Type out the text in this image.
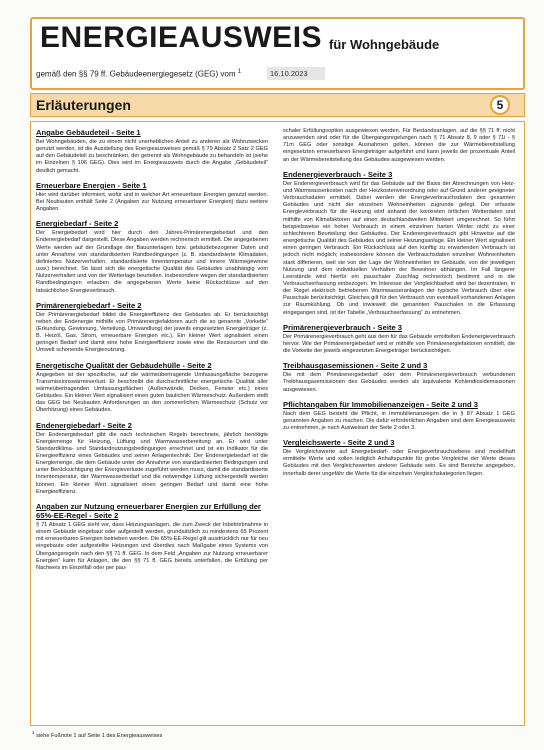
ENERGIEAUSWEIS für Wohngebäude
gemäß den §§ 79 ff. Gebäudeenergiegesetz (GEG) vom $^1$	16.10.2023
Erläuterungen	5
Angabe Gebäudeteil - Seite 1

Bei Wohngebäuden, die zu einem nicht unerheblichen Anteil zu anderen als Wohnzwecken genutzt werden, ist die Ausstellung des Energieausweises gemäß § 79 Absatz 2 Satz 2 GEG auf den Gebäudeteil zu beschränken, der getrennt als Wohngebäude zu behandeln ist (siehe im Einzelnen § 106 GEG). Dies wird im Energieausweis durch die Angabe „Gebäudeteil“ deutlich gemacht.

Erneuerbare Energien - Seite 1

Hier wird darüber informiert, wofür und in welcher Art erneuerbare Energien genutzt werden. Bei Neubauten enthält Seite 2 (Angaben zur Nutzung erneuerbarer Energien) dazu weitere Angaben.

Energiebedarf - Seite 2

Der Energiebedarf wird hier durch den Jahres-Primärenergiebedarf und den Endenergiebedarf dargestellt. Diese Angaben werden rechnerisch ermittelt. Die angegebenen Werte werden auf der Grundlage der Bauunterlagen bzw. gebäudebezogener Daten und unter Annahme von standardisierten Randbedingungen (z. B. standardisierte Klimadaten, definiertes Nutzerverhalten, standardisierte Innentemperatur und innere Wärmegewinne usw.) berechnet. So lässt sich die energetische Qualität des Gebäudes unabhängig vom Nutzerverhalten und von der Wetterlage beurteilen. Insbesondere wegen der standardisierten Randbedingungen erlauben die angegebenen Werte keine Rückschlüsse auf den tatsächlichen Energieverbrauch.

Primärenergiebedarf - Seite 2

Der Primärenergiebedarf bildet die Energieeffizienz des Gebäudes ab. Er berücksichtigt neben der Endenergie mithilfe von Primärenergiefaktoren auch die so genannte „Vorkette“ (Erkundung, Gewinnung, Verteilung, Umwandlung) der jeweils eingesetzten Energieträger (z. B. Heizöl, Gas, Strom, erneuerbare Energien etc.). Ein kleiner Wert signalisiert einen geringen Bedarf und damit eine hohe Energieeffizienz sowie eine die Ressourcen und die Umwelt schonende Energienutzung.

Energetische Qualität der Gebäudehülle - Seite 2

Angegeben ist der spezifische, auf die wärmeübertragende Umfassungsfläche bezogene Transmissionswärmeverlust. Er beschreibt die durchschnittliche energetische Qualität aller wärmeübertragenden Umfassungsflächen (Außenwände, Decken, Fenster etc.) eines Gebäudes. Ein kleiner Wert signalisiert einen guten baulichen Wärmeschutz. Außerdem stellt das GEG bei Neubauten Anforderungen an den sommerlichen Wärmeschutz (Schutz vor Überhitzung) eines Gebäudes.

Endenergiebedarf - Seite 2

Der Endenergiebedarf gibt die nach technischen Regeln berechnete, jährlich benötigte Energiemenge für Heizung, Lüftung und Warmwasserbereitung an. Er wird unter Standardklima- und Standardnutzungsbedingungen errechnet und ist ein Indikator für die Energieeffizienz eines Gebäudes und seiner Anlagentechnik. Der Endenergiebedarf ist die Energiemenge, die dem Gebäude unter der Annahme von standardisierten Bedingungen und unter Berücksichtigung der Energieverluste zugeführt werden muss, damit die standardisierte Innentemperatur, der Warmwasserbedarf und die notwendige Lüftung sichergestellt werden können. Ein kleiner Wert signalisiert einen geringen Bedarf und damit eine hohe Energieeffizienz.

Angaben zur Nutzung erneuerbarer Energien zur Erfüllung der 65%-EE-Regel - Seite 2

§ 71 Absatz 1 GEG sieht vor, dass Heizungsanlagen, die zum Zweck der Inbetriebnahme in einem Gebäude eingebaut oder aufgestellt werden, grundsätzlich zu mindestens 65 Prozent mit erneuerbaren Energien betrieben werden. Die 65%-EE-Regel gilt ausdrücklich nur für neu eingebaute oder aufgestellte Heizungen und überdies nach Maßgabe eines Systems von Übergangsregeln nach den §§ 71 ff. GEG. In dem Feld „Angaben zur Nutzung erneuerbarer Energien“ kann für Anlagen, die den §§ 71 ff. GEG bereits unterfallen, die Erfüllung per Nachweis im Einzelfall oder per pau-

schaler Erfüllungsoption ausgewiesen werden. Für Bestandsanlagen, auf die §§ 71 ff. nicht anzuwenden sind oder für die Übergangsregelungen nach § 71 Absatz 8, 9 oder § 71i - § 71m GEG oder sonstige Ausnahmen gelten, können die zur Wärmebereitstellung eingesetzten erneuerbaren Energieträger aufgeführt und kann jeweils der prozentuale Anteil an der Wärmebereitstellung des Gebäudes ausgewiesen werden.

Endenergieverbrauch - Seite 3

Der Endenergieverbrauch wird für das Gebäude auf der Basis der Abrechnungen von Heiz- und Warmwasserkosten nach der Heizkostenverordnung oder auf Grund anderer geeigneter Verbrauchsdaten ermittelt. Dabei werden die Energieverbrauchsdaten des gesamten Gebäudes und nicht der einzelnen Wohneinheiten zugrunde gelegt. Der erfasste Energieverbrauch für die Heizung wird anhand der konkreten örtlichen Wetterdaten und mithilfe von Klimafaktoren auf einen deutschlandweiten Mittelwert umgerechnet. So führt beispielsweise ein hoher Verbrauch in einem einzelnen harten Winter nicht zu einer schlechteren Beurteilung des Gebäudes. Der Endenergieverbrauch gibt Hinweise auf die energetische Qualität des Gebäudes und seiner Heizungsanlage. Ein kleiner Wert signalisiert einen geringen Verbrauch. Ein Rückschluss auf den künftig zu erwartenden Verbrauch ist jedoch nicht möglich; insbesondere können die Verbrauchsdaten einzelner Wohneinheiten stark differieren, weil sie von der Lage der Wohneinheiten im Gebäude, von der jeweiligen Nutzung und dem individuellen Verhalten der Bewohner abhängen. Im Fall längerer Leerstände wird hierfür ein pauschaler Zuschlag rechnerisch bestimmt und in die Verbrauchserfassung einbezogen. Im Interesse der Vergleichbarkeit wird bei dezentralen, in der Regel elektrisch betriebenen Warmwasseranlagen der typische Verbrauch über eine Pauschale berücksichtigt. Gleiches gilt für den Verbrauch von eventuell vorhandenen Anlagen zur Raumkühlung. Ob und inwieweit die genannten Pauschalen in die Erfassung eingegangen sind, ist der Tabelle „Verbrauchserfassung“ zu entnehmen.

Primärenergieverbrauch - Seite 3

Der Primärenergieverbrauch geht aus dem für das Gebäude ermittelten Endenergieverbrauch hervor. Wie der Primärenergiebedarf wird er mithilfe von Primärenergiefaktoren ermittelt, die die Vorkette der jeweils eingesetzten Energieträger berücksichtigen.

Treibhausgasemissionen - Seite 2 und 3

Die mit dem Primärenergiebedarf oder dem Primärenergieverbrauch verbundenen Treibhausgasemissionen des Gebäudes werden als äquivalente Kohlendioxidemissionen ausgewiesen.

Pflichtangaben für Immobilienanzeigen - Seite 2 und 3

Nach dem GEG besteht die Pflicht, in Immobilienanzeigen die in § 87 Absatz 1 GEG genannten Angaben zu machen. Die dafür erforderlichen Angaben sind dem Energieausweis zu entnehmen, je nach Ausweisart der Seite 2 oder 3.

Vergleichswerte - Seite 2 und 3

Die Vergleichswerte auf Energiebedarf- oder Energieverbrauchsebene sind modellhaft ermittelte Werte und sollen lediglich Anhaltspunkte für grobe Vergleiche der Werte dieses Gebäudes mit den Vergleichswerten anderer Gebäude sein. Es sind Bereiche angegeben, innerhalb derer ungefähr die Werte für die einzelnen Vergleichskategorien liegen.

$^1$ siehe Fußnote 1 auf Seite 1 des Energieausweises
